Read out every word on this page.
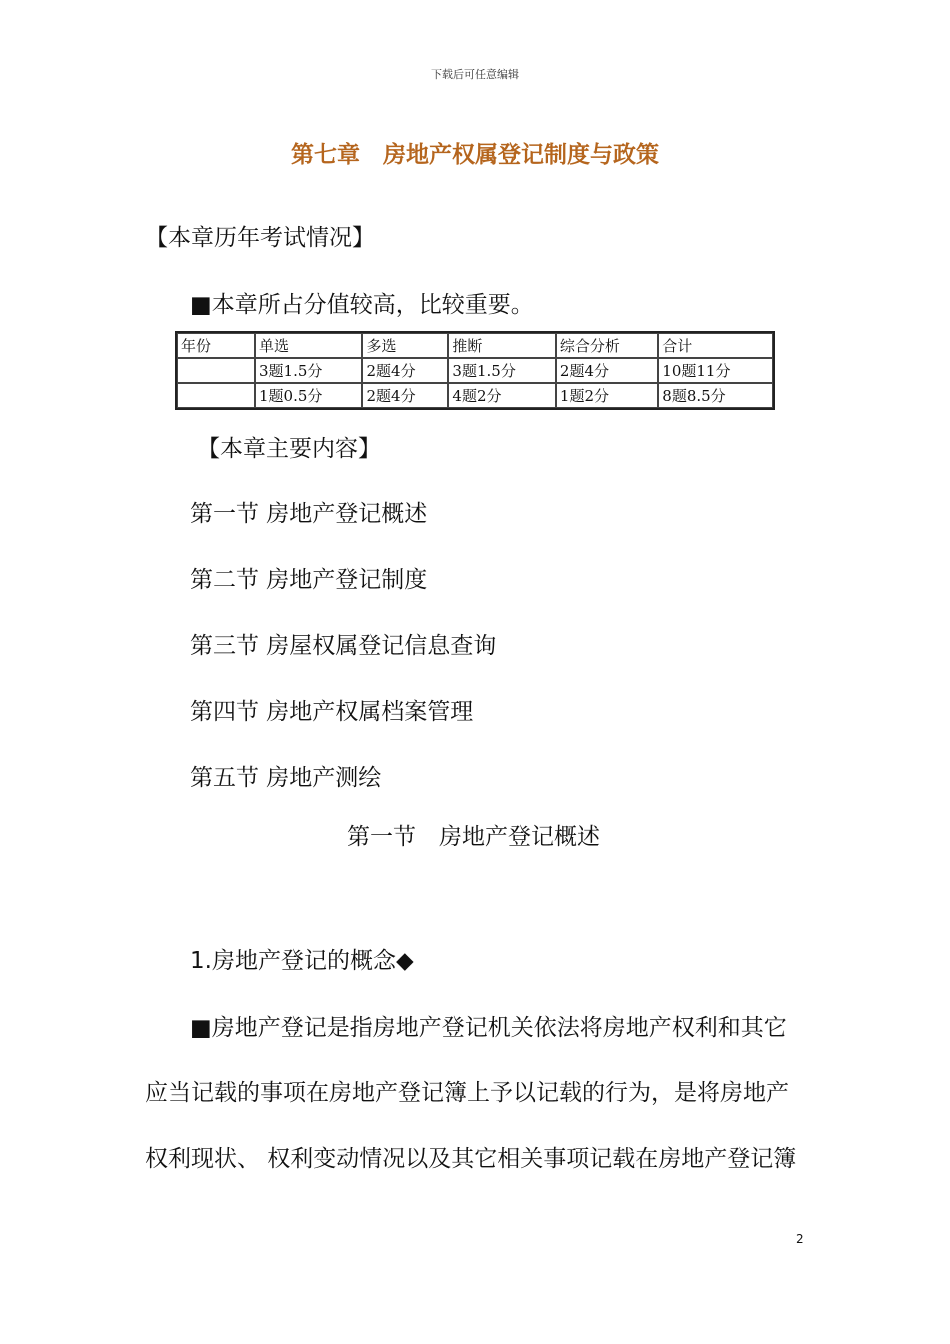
下载后可任意编辑
第七章　房地产权属登记制度与政策
【本章历年考试情况】
■本章所占分值较高，比较重要。
年份	单选	多选	推断	综合分析	合计
	3题1.5分	2题4分	3题1.5分	2题4分	10题11分
	1题0.5分	2题4分	4题2分	1题2分	8题8.5分
【本章主要内容】
第一节 房地产登记概述
第二节 房地产登记制度
第三节 房屋权属登记信息查询
第四节 房地产权属档案管理
第五节 房地产测绘
第一节　房地产登记概述
1.房地产登记的概念◆
■房地产登记是指房地产登记机关依法将房地产权利和其它
应当记载的事项在房地产登记簿上予以记载的行为，是将房地产
权利现状、 权利变动情况以及其它相关事项记载在房地产登记簿
2
